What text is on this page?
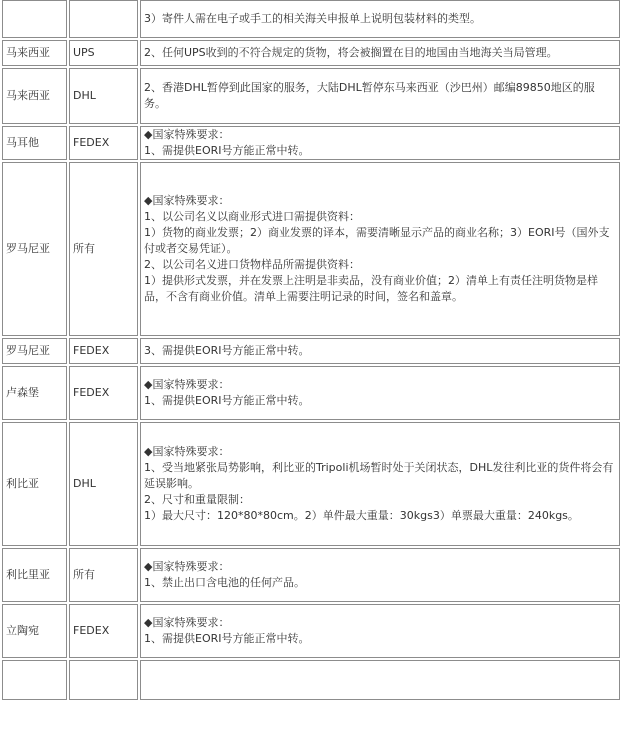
		3）寄件人需在电子或手工的相关海关申报单上说明包装材料的类型。

马来西亚	UPS	2、任何UPS收到的不符合规定的货物，将会被搁置在目的地国由当地海关当局管理。

马来西亚	DHL	2、香港DHL暂停到此国家的服务，大陆DHL暂停东马来西亚（沙巴州）邮编89850地区的服务。

马耳他	FEDEX	◆国家特殊要求：
1、需提供EORI号方能正常中转。

罗马尼亚	所有	◆国家特殊要求：
1、以公司名义以商业形式进口需提供资料：
1）货物的商业发票；2）商业发票的译本，需要清晰显示产品的商业名称；3）EORI号（国外支付或者交易凭证）。
2、以公司名义进口货物样品所需提供资料：
1）提供形式发票，并在发票上注明是非卖品，没有商业价值；2）清单上有责任注明货物是样品，不含有商业价值。清单上需要注明记录的时间，签名和盖章。

罗马尼亚	FEDEX	3、需提供EORI号方能正常中转。

卢森堡	FEDEX	◆国家特殊要求：
1、需提供EORI号方能正常中转。

利比亚	DHL	◆国家特殊要求：
1、受当地紧张局势影响，利比亚的Tripoli机场暂时处于关闭状态，DHL发往利比亚的货件将会有延误影响。
2、尺寸和重量限制：
1）最大尺寸：120*80*80cm。2）单件最大重量：30kgs3）单票最大重量：240kgs。

利比里亚	所有	◆国家特殊要求：
1、禁止出口含电池的任何产品。

立陶宛	FEDEX	◆国家特殊要求：
1、需提供EORI号方能正常中转。
